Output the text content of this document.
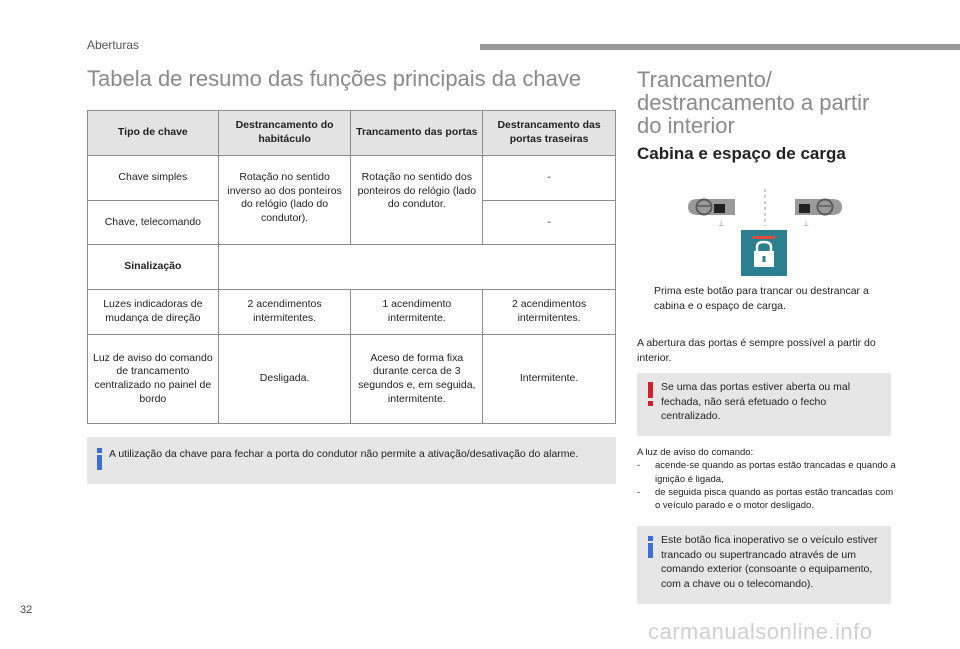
Aberturas
Tabela de resumo das funções principais da chave
Tipo de chave	Destrancamento do habitáculo	Trancamento das portas	Destrancamento das portas traseiras
Chave simples	Rotação no sentido inverso ao dos ponteiros do relógio (lado do condutor).	Rotação no sentido dos ponteiros do relógio (lado do condutor.	-
Chave, telecomando			-
Sinalização			
Luzes indicadoras de mudança de direção	2 acendimentos intermitentes.	1 acendimento intermitente.	2 acendimentos intermitentes.
Luz de aviso do comando de trancamento centralizado no painel de bordo	Desligada.	Aceso de forma fixa durante cerca de 3 segundos e, em seguida, intermitente.	Intermitente.
A utilização da chave para fechar a porta do condutor não permite a ativação/desativação do alarme.
Trancamento/
destrancamento a partir
do interior
Cabina e espaço de carga
⊥	⊥
Prima este botão para trancar ou destrancar a cabina e o espaço de carga.

A abertura das portas é sempre possível a partir do interior.

Se uma das portas estiver aberta ou mal fechada, não será efetuado o fecho centralizado.
A luz de aviso do comando:
- acende-se quando as portas estão trancadas e quando a ignição é ligada,
- de seguida pisca quando as portas estão trancadas com o veículo parado e o motor desligado.
Este botão fica inoperativo se o veículo estiver trancado ou supertrancado através de um comando exterior (consoante o equipamento, com a chave ou o telecomando).
32
carmanualsonline.info
